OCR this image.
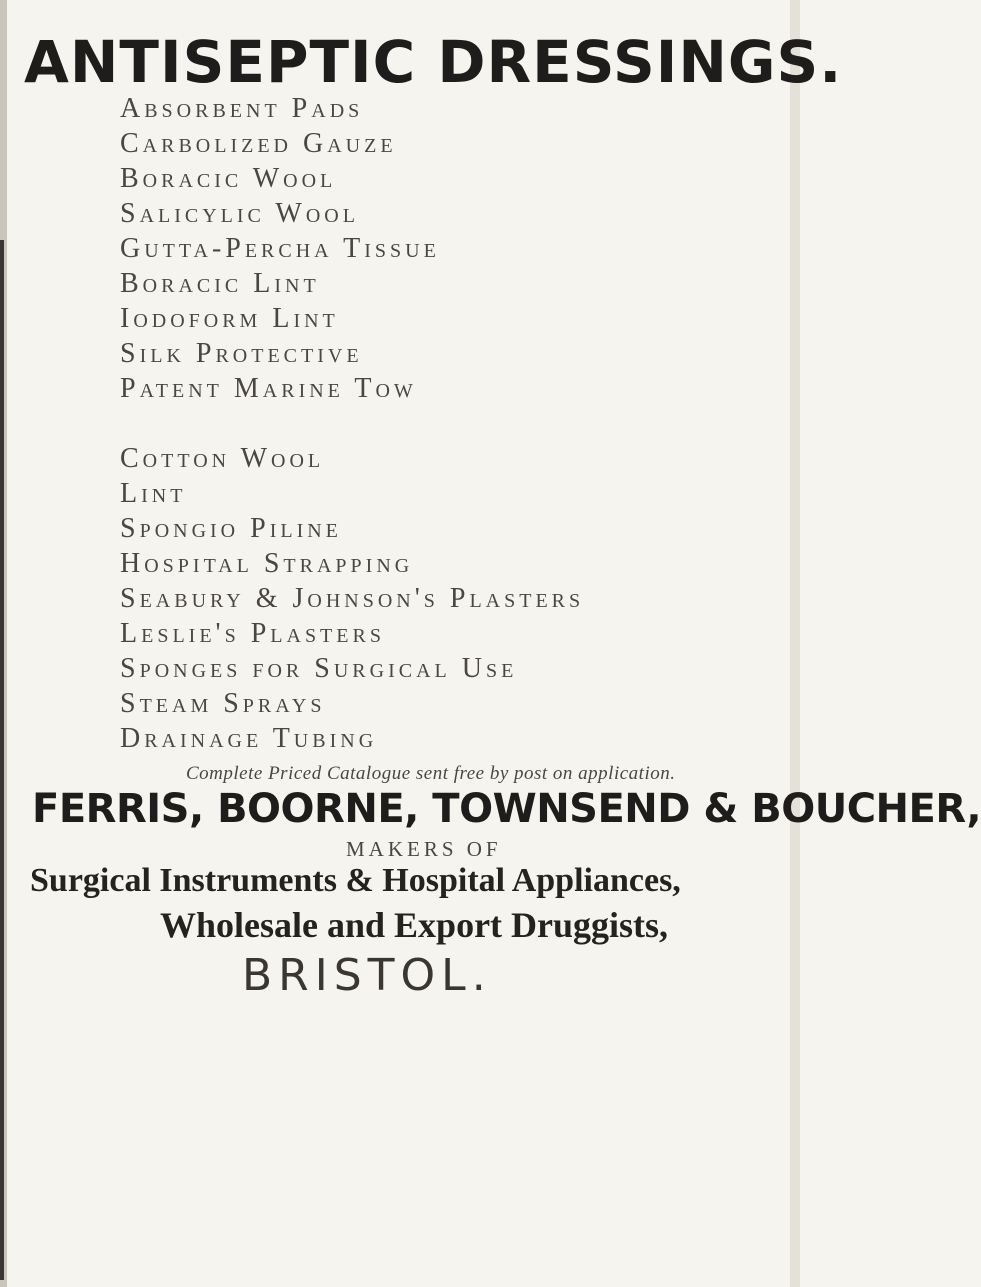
ANTISEPTIC DRESSINGS.
Absorbent Pads
Carbolized Gauze
Boracic Wool
Salicylic Wool
Gutta-Percha Tissue
Boracic Lint
Iodoform Lint
Silk Protective
Patent Marine Tow
Cotton Wool
Lint
Spongio Piline
Hospital Strapping
Seabury & Johnson's Plasters
Leslie's Plasters
Sponges for Surgical Use
Steam Sprays
Drainage Tubing
Complete Priced Catalogue sent free by post on application.
FERRIS, BOORNE, TOWNSEND & BOUCHER,
MAKERS OF
Surgical Instruments & Hospital Appliances,
Wholesale and Export Druggists,
BRISTOL.
